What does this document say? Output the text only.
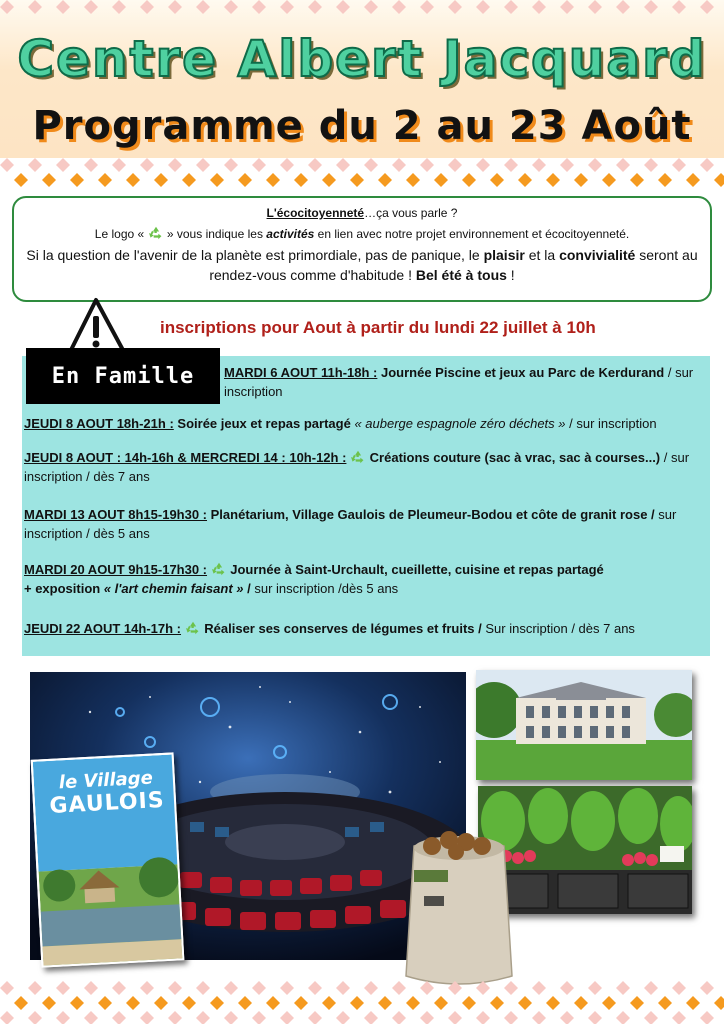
Centre Albert Jacquard
Programme du 2 au 23 Août
L'écocitoyenneté…ça vous parle ?
Le logo « » vous indique les activités en lien avec notre projet environnement et écocitoyenneté.
Si la question de l'avenir de la planète est primordiale, pas de panique, le plaisir et la convivialité seront au rendez-vous comme d'habitude ! Bel été à tous !
inscriptions pour Aout à partir du lundi 22 juillet à 10h
MARDI 6 AOUT 11h-18h : Journée Piscine et jeux au Parc de Kerdurand / sur inscription
JEUDI 8 AOUT 18h-21h : Soirée jeux et repas partagé « auberge espagnole zéro déchets » / sur inscription
JEUDI 8 AOUT : 14h-16h & MERCREDI 14 : 10h-12h : Créations couture (sac à vrac, sac à courses...) / sur inscription / dès 7 ans
MARDI 13 AOUT 8h15-19h30 : Planétarium, Village Gaulois de Pleumeur-Bodou et côte de granit rose / sur inscription / dès 5 ans
MARDI 20 AOUT 9h15-17h30 : Journée à Saint-Urchault, cueillette, cuisine et repas partagé
+ exposition « l'art chemin faisant » / sur inscription /dès 5 ans
JEUDI 22 AOUT 14h-17h : Réaliser ses conserves de légumes et fruits / Sur inscription / dès 7 ans
En Famille
le Village
GAULOIS
